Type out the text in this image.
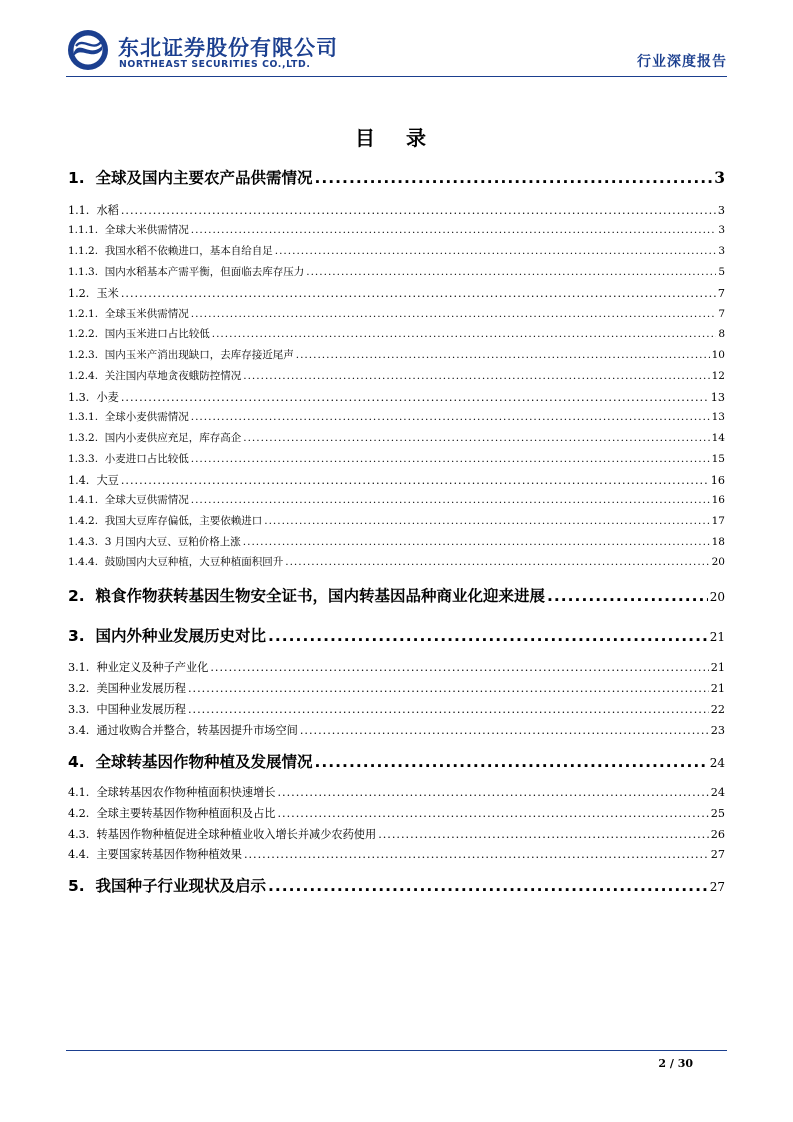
东北证券股份有限公司
NORTHEAST SECURITIES CO.,LTD.	行业深度报告
目 录
1. 全球及国内主要农产品供需情况 .....	3
1.1. 水稻 .....	3
1.1.1. 全球大米供需情况 .....	3
1.1.2. 我国水稻不依赖进口，基本自给自足 .....	3
1.1.3. 国内水稻基本产需平衡，但面临去库存压力 .....	5
1.2. 玉米 .....	7
1.2.1. 全球玉米供需情况 .....	7
1.2.2. 国内玉米进口占比较低 .....	8
1.2.3. 国内玉米产消出现缺口，去库存接近尾声 .....	10
1.2.4. 关注国内草地贪夜蛾防控情况 .....	12
1.3. 小麦 .....	13
1.3.1. 全球小麦供需情况 .....	13
1.3.2. 国内小麦供应充足，库存高企 .....	14
1.3.3. 小麦进口占比较低 .....	15
1.4. 大豆 .....	16
1.4.1. 全球大豆供需情况 .....	16
1.4.2. 我国大豆库存偏低，主要依赖进口 .....	17
1.4.3. 3 月国内大豆、豆粕价格上涨 .....	18
1.4.4. 鼓励国内大豆种植，大豆种植面积回升 .....	20
2. 粮食作物获转基因生物安全证书，国内转基因品种商业化迎来进展 .....	20
3. 国内外种业发展历史对比 .....	21
3.1. 种业定义及种子产业化 .....	21
3.2. 美国种业发展历程 .....	21
3.3. 中国种业发展历程 .....	22
3.4. 通过收购合并整合，转基因提升市场空间 .....	23
4. 全球转基因作物种植及发展情况 .....	24
4.1. 全球转基因农作物种植面积快速增长 .....	24
4.2. 全球主要转基因作物种植面积及占比 .....	25
4.3. 转基因作物种植促进全球种植业收入增长并减少农药使用 .....	26
4.4. 主要国家转基因作物种植效果 .....	27
5. 我国种子行业现状及启示 .....	27
2 / 30
